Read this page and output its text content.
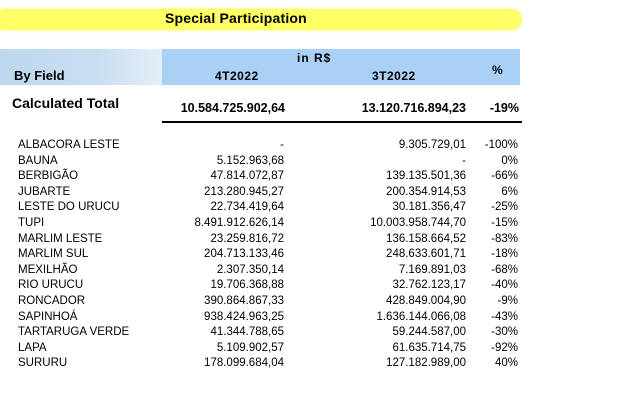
Special Participation
By Field
in R$
4T2022	3T2022	%
Calculated Total	10.584.725.902,64	13.120.716.894,23 -19%
ALBACORA LESTE	-	9.305.729,01 -100%
BAUNA	5.152.963,68	-	0%
BERBIGÃO	47.814.072,87	139.135.501,36 -66%
JUBARTE	213.280.945,27	200.354.914,53	6%
LESTE DO URUCU	22.734.419,64	30.181.356,47 -25%
TUPI	8.491.912.626,14	10.003.958.744,70 -15%
MARLIM LESTE	23.259.816,72	136.158.664,52 -83%
MARLIM SUL	204.713.133,46	248.633.601,71 -18%
MEXILHÃO	2.307.350,14	7.169.891,03 -68%
RIO URUCU	19.706.368,88	32.762.123,17 -40%
RONCADOR	390.864.867,33	428.849.004,90	-9%
SAPINHOÁ	938.424.963,25	1.636.144.066,08 -43%
TARTARUGA VERDE	41.344.788,65	59.244.587,00 -30%
LAPA	5.109.902,57	61.635.714,75 -92%
SURURU	178.099.684,04	127.182.989,00	40%
